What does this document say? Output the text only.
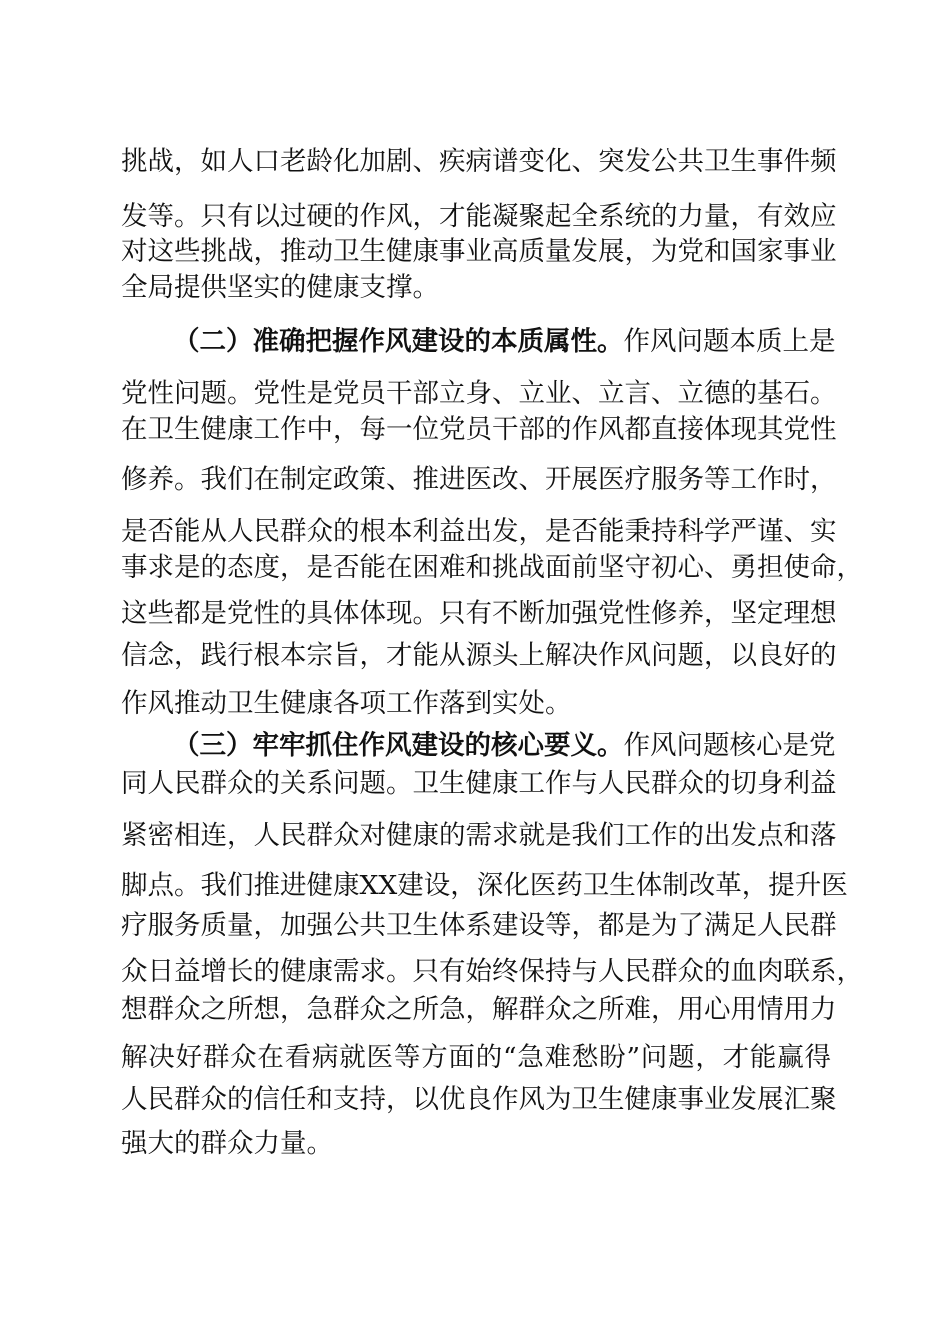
挑战，如人口老龄化加剧、疾病谱变化、突发公共卫生事件频
发等。只有以过硬的作风，才能凝聚起全系统的力量，有效应
对这些挑战，推动卫生健康事业高质量发展，为党和国家事业
全局提供坚实的健康支撑。
（二）准确把握作风建设的本质属性。作风问题本质上是
党性问题。党性是党员干部立身、立业、立言、立德的基石。
在卫生健康工作中，每一位党员干部的作风都直接体现其党性
修养。我们在制定政策、推进医改、开展医疗服务等工作时，
是否能从人民群众的根本利益出发，是否能秉持科学严谨、实
事求是的态度，是否能在困难和挑战面前坚守初心、勇担使命，
这些都是党性的具体体现。只有不断加强党性修养，坚定理想
信念，践行根本宗旨，才能从源头上解决作风问题，以良好的
作风推动卫生健康各项工作落到实处。
（三）牢牢抓住作风建设的核心要义。作风问题核心是党
同人民群众的关系问题。卫生健康工作与人民群众的切身利益
紧密相连，人民群众对健康的需求就是我们工作的出发点和落
脚点。我们推进健康XX建设，深化医药卫生体制改革，提升医
疗服务质量，加强公共卫生体系建设等，都是为了满足人民群
众日益增长的健康需求。只有始终保持与人民群众的血肉联系，
想群众之所想，急群众之所急，解群众之所难，用心用情用力
解决好群众在看病就医等方面的“急难愁盼”问题，才能赢得
人民群众的信任和支持，以优良作风为卫生健康事业发展汇聚
强大的群众力量。
